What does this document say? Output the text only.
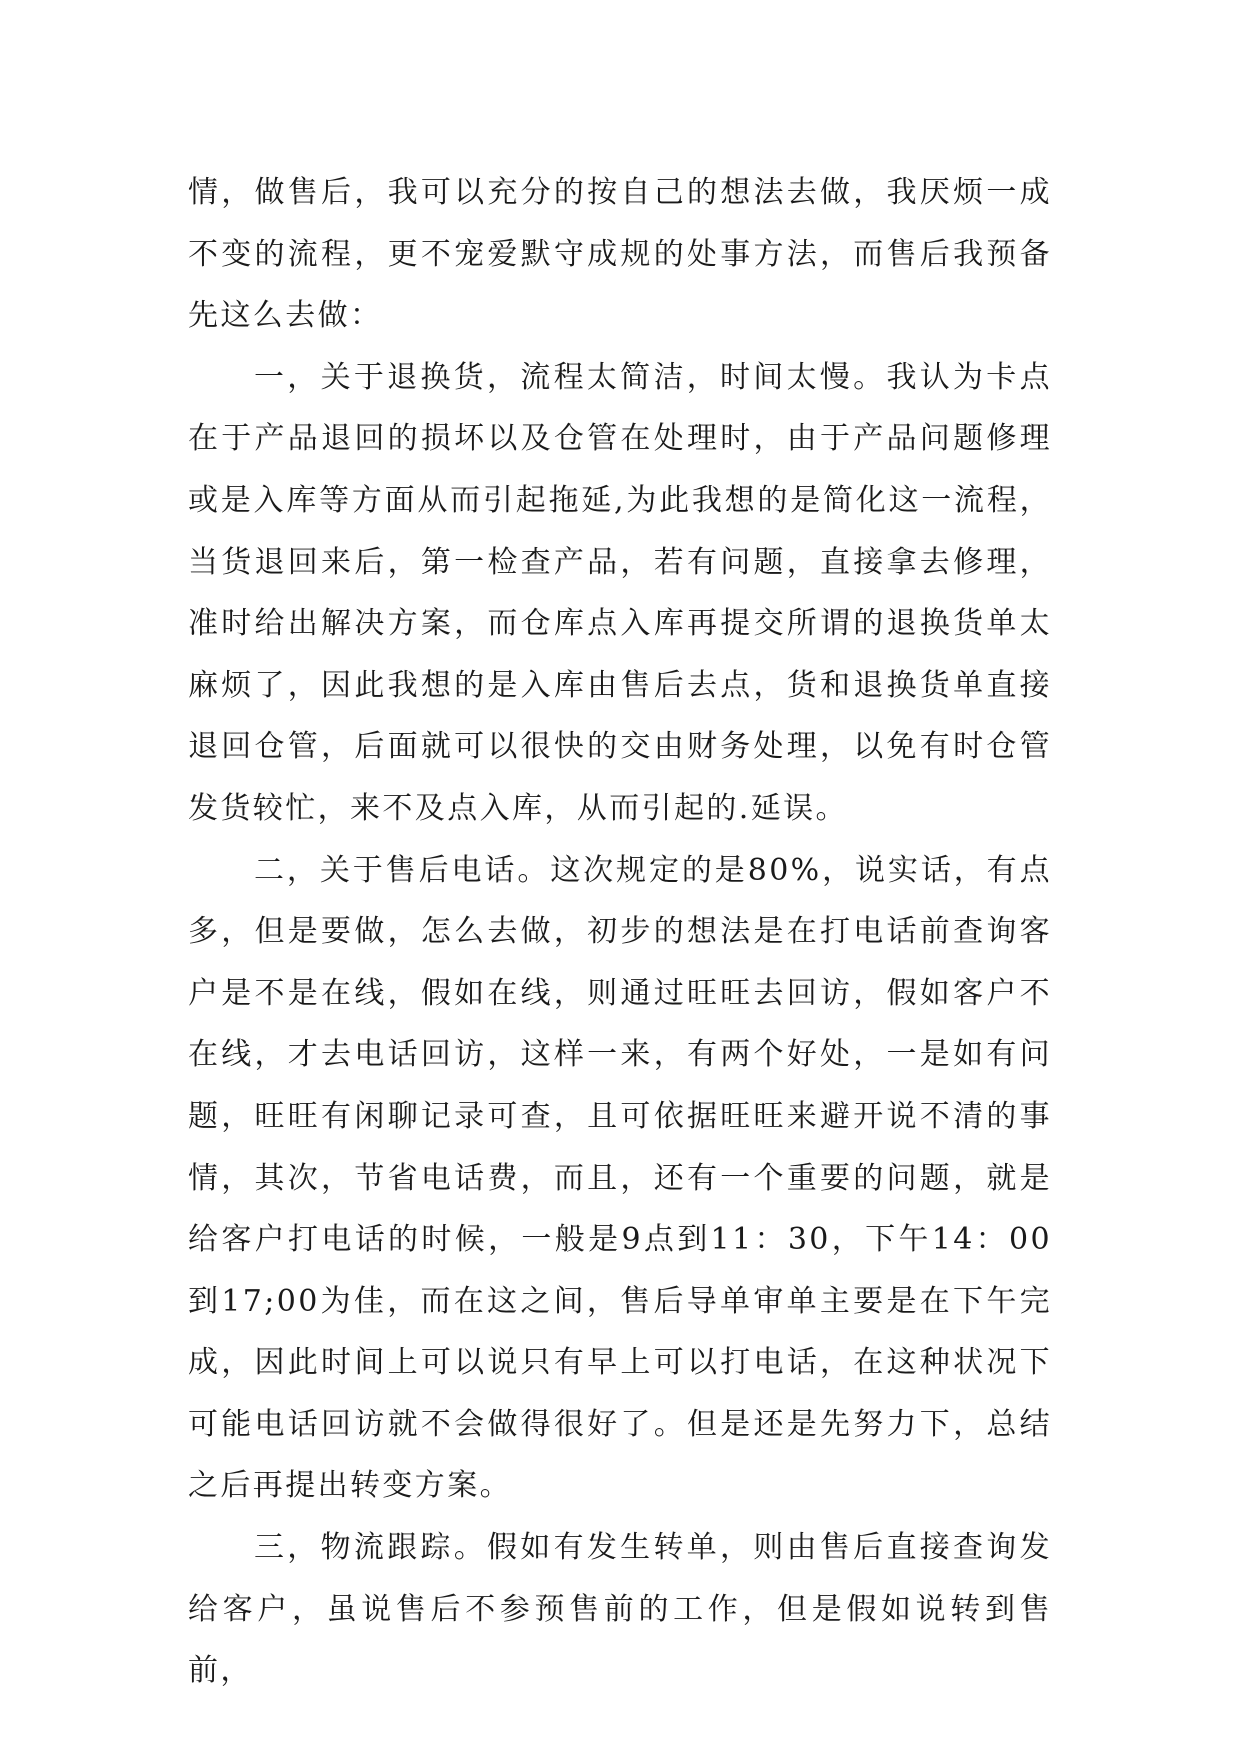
情，做售后，我可以充分的按自己的想法去做，我厌烦一成不变的流程，更不宠爱默守成规的处事方法，而售后我预备先这么去做：

一，关于退换货，流程太简洁，时间太慢。我认为卡点在于产品退回的损坏以及仓管在处理时，由于产品问题修理或是入库等方面从而引起拖延,为此我想的是简化这一流程，当货退回来后，第一检查产品，若有问题，直接拿去修理，准时给出解决方案，而仓库点入库再提交所谓的退换货单太麻烦了，因此我想的是入库由售后去点，货和退换货单直接退回仓管，后面就可以很快的交由财务处理，以免有时仓管发货较忙，来不及点入库，从而引起的.延误。

二，关于售后电话。这次规定的是80%，说实话，有点多，但是要做，怎么去做，初步的想法是在打电话前查询客户是不是在线，假如在线，则通过旺旺去回访，假如客户不在线，才去电话回访，这样一来，有两个好处，一是如有问题，旺旺有闲聊记录可查，且可依据旺旺来避开说不清的事情，其次，节省电话费，而且，还有一个重要的问题，就是给客户打电话的时候，一般是9点到11：30，下午14：00到17;00为佳，而在这之间，售后导单审单主要是在下午完成，因此时间上可以说只有早上可以打电话，在这种状况下可能电话回访就不会做得很好了。但是还是先努力下，总结之后再提出转变方案。

三，物流跟踪。假如有发生转单，则由售后直接查询发给客户，虽说售后不参预售前的工作，但是假如说转到售前，
